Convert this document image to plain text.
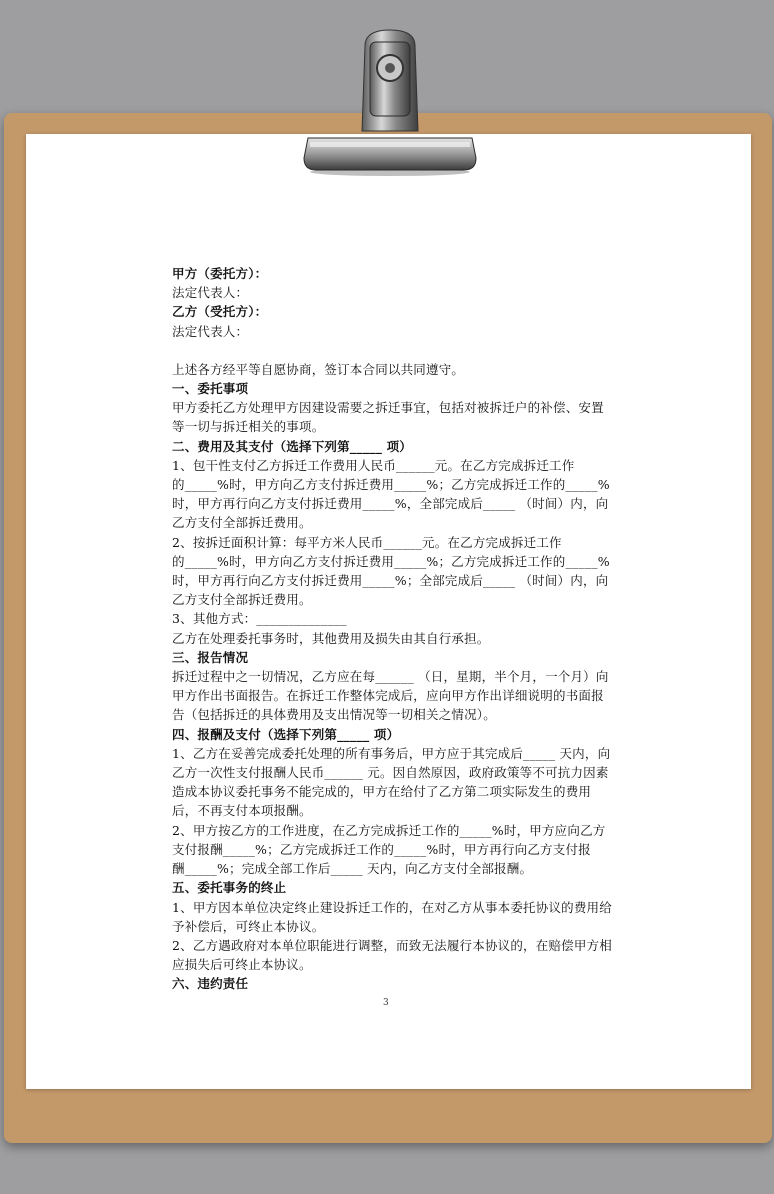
甲方（委托方）：

法定代表人：

乙方（受托方）：

法定代表人：

上述各方经平等自愿协商，签订本合同以共同遵守。

一、委托事项

甲方委托乙方处理甲方因建设需要之拆迁事宜，包括对被拆迁户的补偿、安置

等一切与拆迁相关的事项。

二、费用及其支付（选择下列第_____ 项）

1、包干性支付乙方拆迁工作费用人民币______元。在乙方完成拆迁工作

的_____%时，甲方向乙方支付拆迁费用_____%；乙方完成拆迁工作的_____%

时，甲方再行向乙方支付拆迁费用_____%，全部完成后_____ （时间）内，向

乙方支付全部拆迁费用。

2、按拆迁面积计算：每平方米人民币______元。在乙方完成拆迁工作

的_____%时，甲方向乙方支付拆迁费用_____%；乙方完成拆迁工作的_____%

时，甲方再行向乙方支付拆迁费用_____%；全部完成后_____ （时间）内，向

乙方支付全部拆迁费用。

3、其他方式：______________

乙方在处理委托事务时，其他费用及损失由其自行承担。

三、报告情况

拆迁过程中之一切情况，乙方应在每______ （日，星期，半个月，一个月）向

甲方作出书面报告。在拆迁工作整体完成后，应向甲方作出详细说明的书面报

告（包括拆迁的具体费用及支出情况等一切相关之情况）。

四、报酬及支付（选择下列第_____ 项）

1、乙方在妥善完成委托处理的所有事务后，甲方应于其完成后_____ 天内，向

乙方一次性支付报酬人民币______ 元。因自然原因，政府政策等不可抗力因素

造成本协议委托事务不能完成的，甲方在给付了乙方第二项实际发生的费用

后，不再支付本项报酬。

2、甲方按乙方的工作进度，在乙方完成拆迁工作的_____%时，甲方应向乙方

支付报酬_____%；乙方完成拆迁工作的_____%时，甲方再行向乙方支付报

酬_____%；完成全部工作后_____ 天内，向乙方支付全部报酬。

五、委托事务的终止

1、甲方因本单位决定终止建设拆迁工作的，在对乙方从事本委托协议的费用给

予补偿后，可终止本协议。

2、乙方遇政府对本单位职能进行调整，而致无法履行本协议的，在赔偿甲方相

应损失后可终止本协议。

六、违约责任

3
